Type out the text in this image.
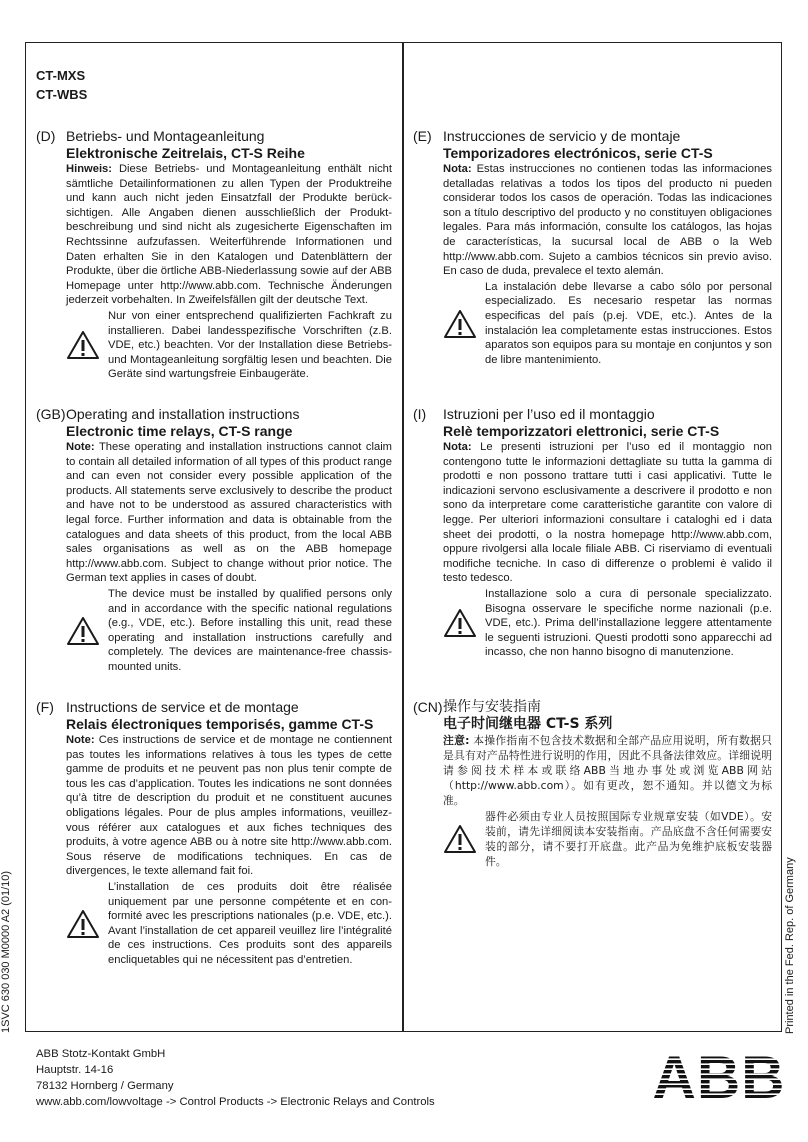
CT-MXS
CT-WBS
(D) Betriebs- und Montageanleitung
Elektronische Zeitrelais, CT-S Reihe
Hinweis: Diese Betriebs- und Montageanleitung enthält nicht sämtliche Detailinformationen zu allen Typen der Produktreihe und kann auch nicht jeden Einsatzfall der Produkte berücksichtigen. Alle Angaben dienen ausschließlich der Produktbeschreibung und sind nicht als zugesicherte Eigenschaften im Rechtssinne aufzufassen. Weiterführende Informationen und Daten erhalten Sie in den Katalogen und Datenblättern der Produkte, über die örtliche ABB-Niederlassung sowie auf der ABB Homepage unter http://www.abb.com. Technische Änderungen jederzeit vorbehalten. In Zweifelsfällen gilt der deutsche Text.
Nur von einer entsprechend qualifizierten Fachkraft zu installieren. Dabei landesspezifische Vorschriften (z.B. VDE, etc.) beachten. Vor der Installation diese Betriebs- und Montageanleitung sorgfältig lesen und beachten. Die Geräte sind wartungsfreie Einbaugeräte.
(GB) Operating and installation instructions
Electronic time relays, CT-S range
Note: These operating and installation instructions cannot claim to contain all detailed information of all types of this product range and can even not consider every possible application of the products. All statements serve exclusively to describe the product and have not to be understood as assured characteristics with legal force. Further information and data is obtainable from the catalogues and data sheets of this product, from the local ABB sales organisations as well as on the ABB homepage http://www.abb.com. Subject to change without prior notice. The German text applies in cases of doubt.
The device must be installed by qualified persons only and in accordance with the specific national regulations (e.g., VDE, etc.). Before installing this unit, read these operating and installation instructions carefully and completely. The devices are maintenance-free chassis-mounted units.
(F) Instructions de service et de montage
Relais électroniques temporisés, gamme CT-S
Note: Ces instructions de service et de montage ne contiennent pas toutes les informations relatives à tous les types de cette gamme de produits et ne peuvent pas non plus tenir compte de tous les cas d’application. Toutes les indications ne sont données qu’à titre de description du produit et ne constituent aucunes obligations légales. Pour de plus amples informations, veuillez-vous référer aux catalogues et aux fiches techniques des produits, à votre agence ABB ou à notre site http://www.abb.com. Sous réserve de modifications techniques. En cas de divergences, le texte allemand fait foi.
L’installation de ces produits doit être réalisée uniquement par une personne compétente et en conformité avec les prescriptions nationales (p.e. VDE, etc.). Avant l’installation de cet appareil veuillez lire l’intégralité de ces instructions. Ces produits sont des appareils encliquetables qui ne nécessitent pas d’entretien.
(E) Instrucciones de servicio y de montaje
Temporizadores electrónicos, serie CT-S
Nota: Estas instrucciones no contienen todas las informaciones detalladas relativas a todos los tipos del producto ni pueden considerar todos los casos de operación. Todas las indicaciones son a título descriptivo del producto y no constituyen obligaciones legales. Para más información, consulte los catálogos, las hojas de características, la sucursal local de ABB o la Web http://www.abb.com. Sujeto a cambios técnicos sin previo aviso. En caso de duda, prevalece el texto alemán.
La instalación debe llevarse a cabo sólo por personal especializado. Es necesario respetar las normas especificas del país (p.ej. VDE, etc.). Antes de la instalación lea completamente estas instrucciones. Estos aparatos son equipos para su montaje en conjuntos y son de libre mantenimiento.
(I)	Istruzioni per l’uso ed il montaggio
Relè temporizzatori elettronici, serie CT-S
Nota: Le presenti istruzioni per l’uso ed il montaggio non contengono tutte le informazioni dettagliate su tutta la gamma di prodotti e non possono trattare tutti i casi applicativi. Tutte le indicazioni servono esclusivamente a descrivere il prodotto e non sono da interpretare come caratteristiche garantite con valore di legge. Per ulteriori informazioni consultare i cataloghi ed i data sheet dei prodotti, o la nostra homepage http://www.abb.com, oppure rivolgersi alla locale filiale ABB. Ci riserviamo di eventuali modifiche tecniche. In caso di differenze o problemi è valido il testo tedesco.
Installazione solo a cura di personale specializzato. Bisogna osservare le specifiche norme nazionali (p.e. VDE, etc.). Prima dell’installazione leggere attentamente le seguenti istruzioni. Questi prodotti sono apparecchi ad incasso, che non hanno bisogno di manutenzione.
(CN) 操作与安装指南
电子时间继电器 CT-S 系列
注意: 本操作指南不包含技术数据和全部产品应用说明，所有数据只是具有对产品特性进行说明的作用，因此不具备法律效应。详细说明请参阅技术样本或联络ABB当地办事处或浏览ABB网站（http://www.abb.com）。如有更改，恕不通知。并以德文为标准。
器件必须由专业人员按照国际专业规章安装（如VDE）。安装前，请先详细阅读本安装指南。产品底盘不含任何需要安装的部分，请不要打开底盘。此产品为免维护底板安装器件。
1SVC 630 030 M0000 A2 (01/10)	Printed in the Fed. Rep. of Germany
ABB Stotz-Kontakt GmbH
Hauptstr. 14-16
78132 Hornberg / Germany
www.abb.com/lowvoltage -> Control Products -> Electronic Relays and Controls	ABB
